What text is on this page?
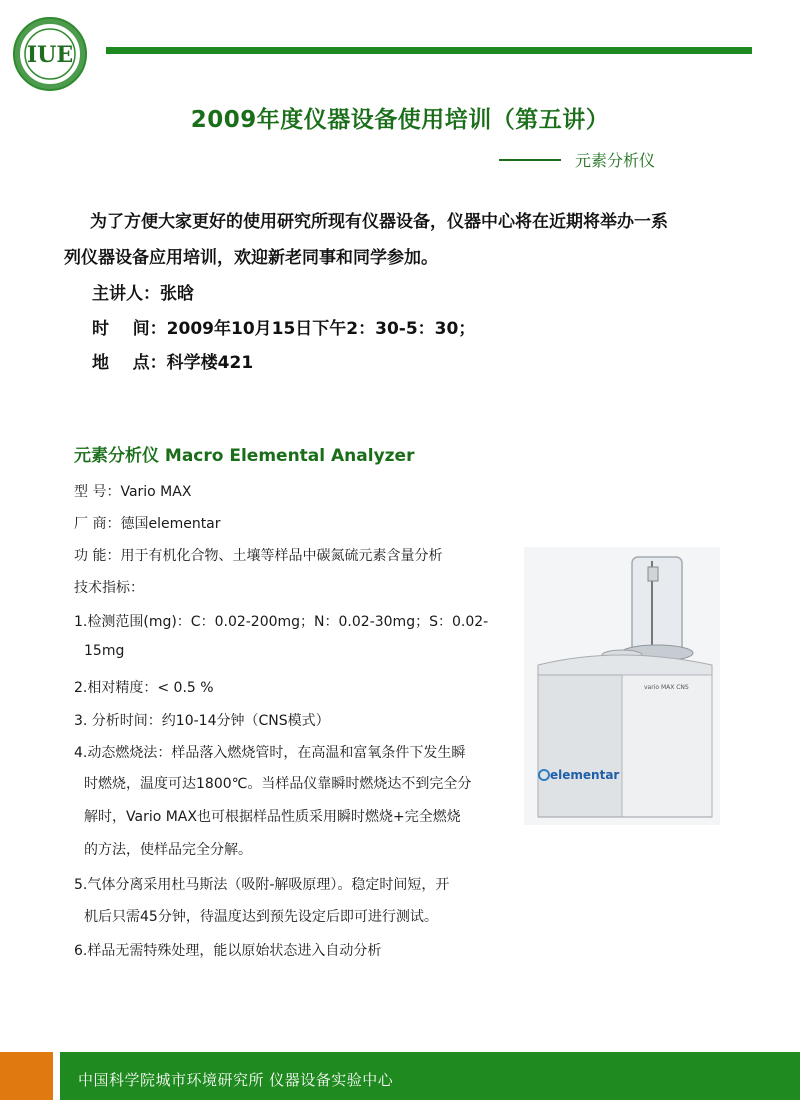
IUE
2009年度仪器设备使用培训（第五讲）
元素分析仪

为了方便大家更好的使用研究所现有仪器设备，仪器中心将在近期将举办一系

列仪器设备应用培训，欢迎新老同事和同学参加。

主讲人：张晗
时    间：2009年10月15日下午2：30-5：30；
地    点：科学楼421
元素分析仪 Macro Elemental Analyzer
型 号：Vario MAX
厂 商：德国elementar
功 能：用于有机化合物、土壤等样品中碳氮硫元素含量分析
技术指标：
1.检测范围(mg)：C：0.02-200mg；N：0.02-30mg；S：0.02-
15mg
2.相对精度：< 0.5 %
3. 分析时间：约10-14分钟（CNS模式）
4.动态燃烧法：样品落入燃烧管时，在高温和富氧条件下发生瞬
时燃烧，温度可达1800℃。当样品仪靠瞬时燃烧达不到完全分
解时，Vario MAX也可根据样品性质采用瞬时燃烧+完全燃烧
的方法，使样品完全分解。
5.气体分离采用杜马斯法（吸附-解吸原理）。稳定时间短，开
机后只需45分钟，待温度达到预先设定后即可进行测试。
6.样品无需特殊处理，能以原始状态进入自动分析
vario MAX CNS
elementar
中国科学院城市环境研究所 仪器设备实验中心
